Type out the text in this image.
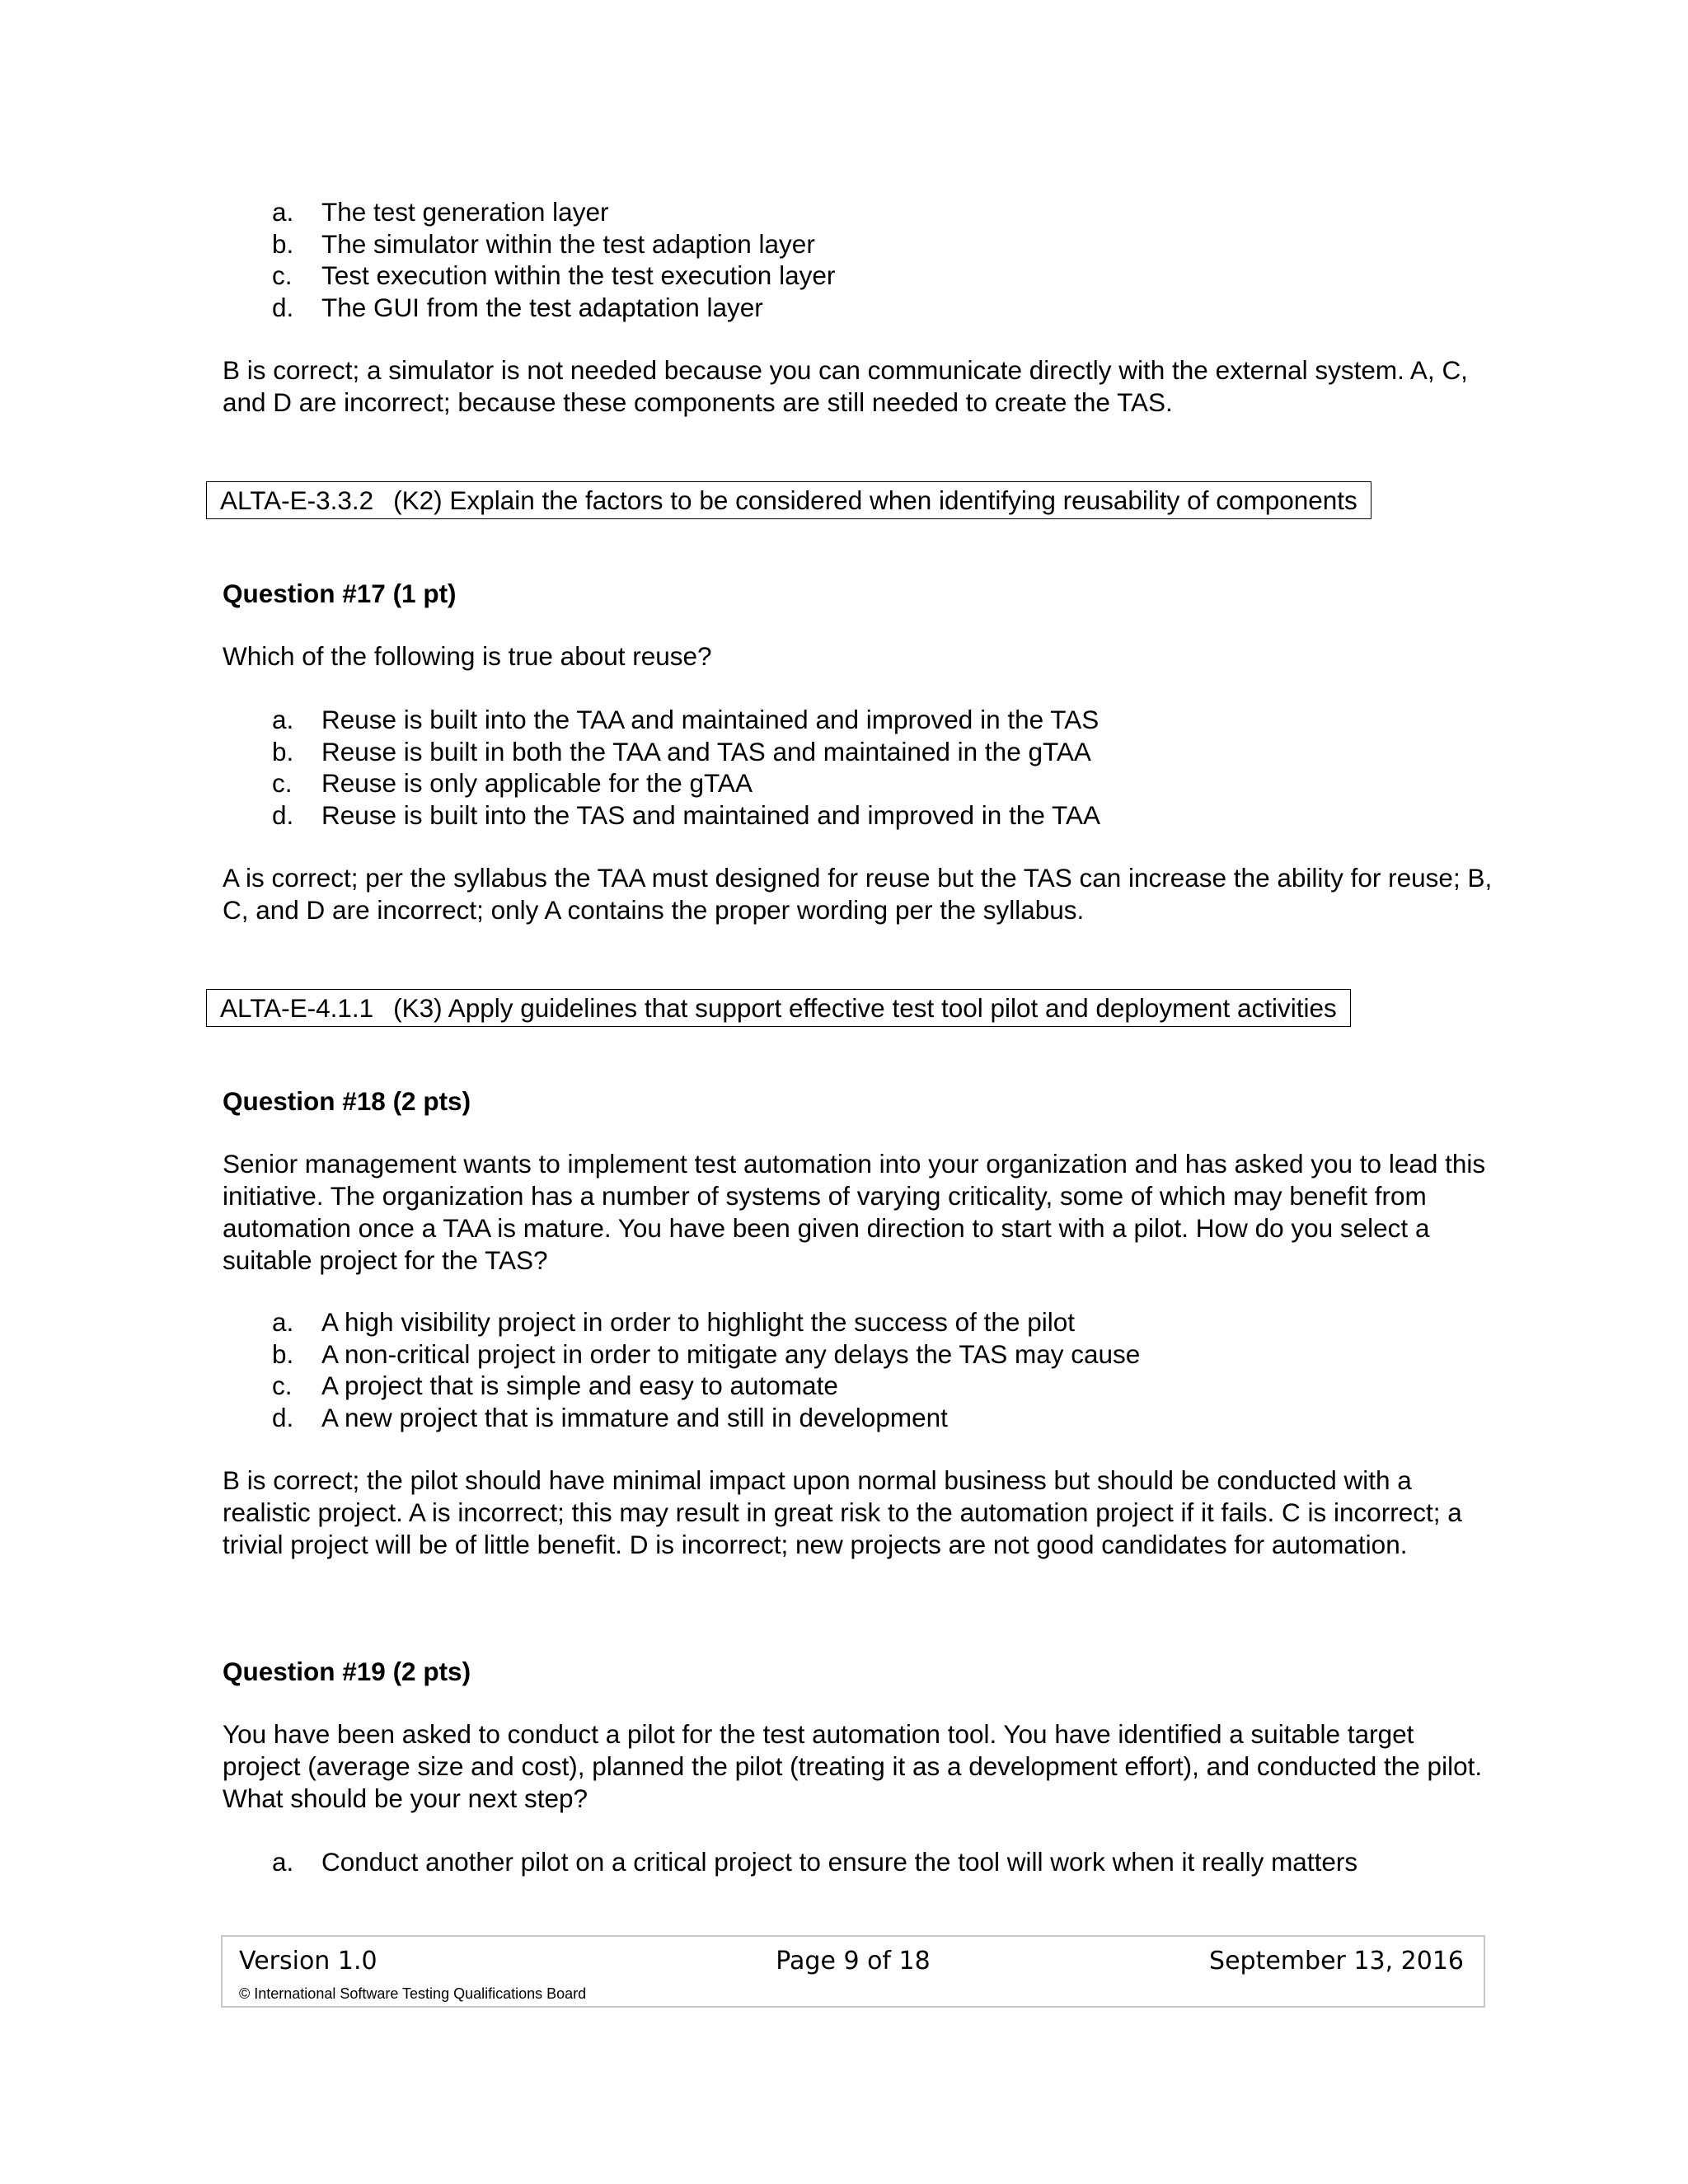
a.	The test generation layer
b.	The simulator within the test adaption layer
c.	Test execution within the test execution layer
d.	The GUI from the test adaptation layer
B is correct; a simulator is not needed because you can communicate directly with the external system. A, C, and D are incorrect; because these components are still needed to create the TAS.
ALTA-E-3.3.2 (K2) Explain the factors to be considered when identifying reusability of components
Question #17 (1 pt)
Which of the following is true about reuse?
a.	Reuse is built into the TAA and maintained and improved in the TAS
b.	Reuse is built in both the TAA and TAS and maintained in the gTAA
c.	Reuse is only applicable for the gTAA
d.	Reuse is built into the TAS and maintained and improved in the TAA
A is correct; per the syllabus the TAA must designed for reuse but the TAS can increase the ability for reuse; B, C, and D are incorrect; only A contains the proper wording per the syllabus.
ALTA-E-4.1.1 (K3) Apply guidelines that support effective test tool pilot and deployment activities
Question #18 (2 pts)
Senior management wants to implement test automation into your organization and has asked you to lead this initiative. The organization has a number of systems of varying criticality, some of which may benefit from automation once a TAA is mature. You have been given direction to start with a pilot. How do you select a suitable project for the TAS?
a.	A high visibility project in order to highlight the success of the pilot
b.	A non-critical project in order to mitigate any delays the TAS may cause
c.	A project that is simple and easy to automate
d.	A new project that is immature and still in development
B is correct; the pilot should have minimal impact upon normal business but should be conducted with a realistic project. A is incorrect; this may result in great risk to the automation project if it fails. C is incorrect; a trivial project will be of little benefit. D is incorrect; new projects are not good candidates for automation.
Question #19 (2 pts)
You have been asked to conduct a pilot for the test automation tool. You have identified a suitable target project (average size and cost), planned the pilot (treating it as a development effort), and conducted the pilot. What should be your next step?
a.	Conduct another pilot on a critical project to ensure the tool will work when it really matters
Page 9 of 18
Version 1.0	September 13, 2016
© International Software Testing Qualifications Board
